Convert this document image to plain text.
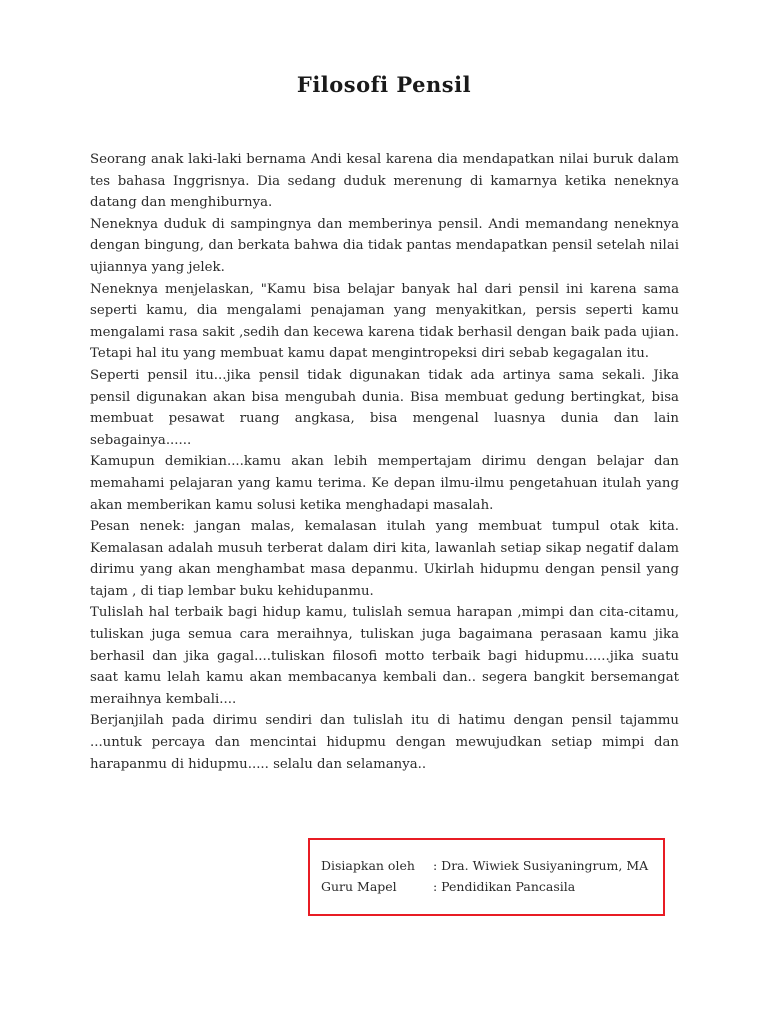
Filosofi Pensil

Seorang anak laki-laki bernama Andi kesal karena dia mendapatkan nilai buruk dalam tes bahasa Inggrisnya. Dia sedang duduk merenung di kamarnya ketika neneknya datang dan menghiburnya.

Neneknya duduk di sampingnya dan memberinya pensil. Andi memandang neneknya dengan bingung, dan berkata bahwa dia tidak pantas mendapatkan pensil setelah nilai ujiannya yang jelek.

Neneknya menjelaskan, "Kamu bisa belajar banyak hal dari pensil ini karena sama seperti kamu, dia mengalami penajaman yang menyakitkan, persis seperti kamu mengalami rasa sakit ,sedih dan kecewa karena tidak berhasil dengan baik pada ujian. Tetapi hal itu yang membuat kamu dapat mengintropeksi diri sebab kegagalan itu.

Seperti pensil itu...jika pensil tidak digunakan tidak ada artinya sama sekali. Jika pensil digunakan akan bisa mengubah dunia. Bisa membuat gedung bertingkat, bisa membuat pesawat ruang angkasa, bisa mengenal luasnya dunia dan lain sebagainya......

Kamupun demikian....kamu akan lebih mempertajam dirimu dengan belajar dan memahami pelajaran yang kamu terima. Ke depan ilmu-ilmu pengetahuan itulah yang akan memberikan kamu solusi ketika menghadapi masalah.

Pesan nenek: jangan malas, kemalasan itulah yang membuat tumpul otak kita. Kemalasan adalah musuh terberat dalam diri kita, lawanlah setiap sikap negatif dalam dirimu yang akan menghambat masa depanmu. Ukirlah hidupmu dengan pensil yang tajam , di tiap lembar buku kehidupanmu.

Tulislah hal terbaik bagi hidup kamu, tulislah semua harapan ,mimpi dan cita-citamu, tuliskan juga semua cara meraihnya, tuliskan juga bagaimana perasaan kamu jika berhasil dan jika gagal....tuliskan filosofi motto terbaik bagi hidupmu......jika suatu saat kamu lelah kamu akan membacanya kembali dan.. segera bangkit bersemangat meraihnya kembali....

Berjanjilah pada dirimu sendiri dan tulislah itu di hatimu dengan pensil tajammu ...untuk percaya dan mencintai hidupmu dengan mewujudkan setiap mimpi dan harapanmu di hidupmu..... selalu dan selamanya..

Disiapkan oleh : Dra. Wiwiek Susiyaningrum, MA
Guru Mapel	: Pendidikan Pancasila
